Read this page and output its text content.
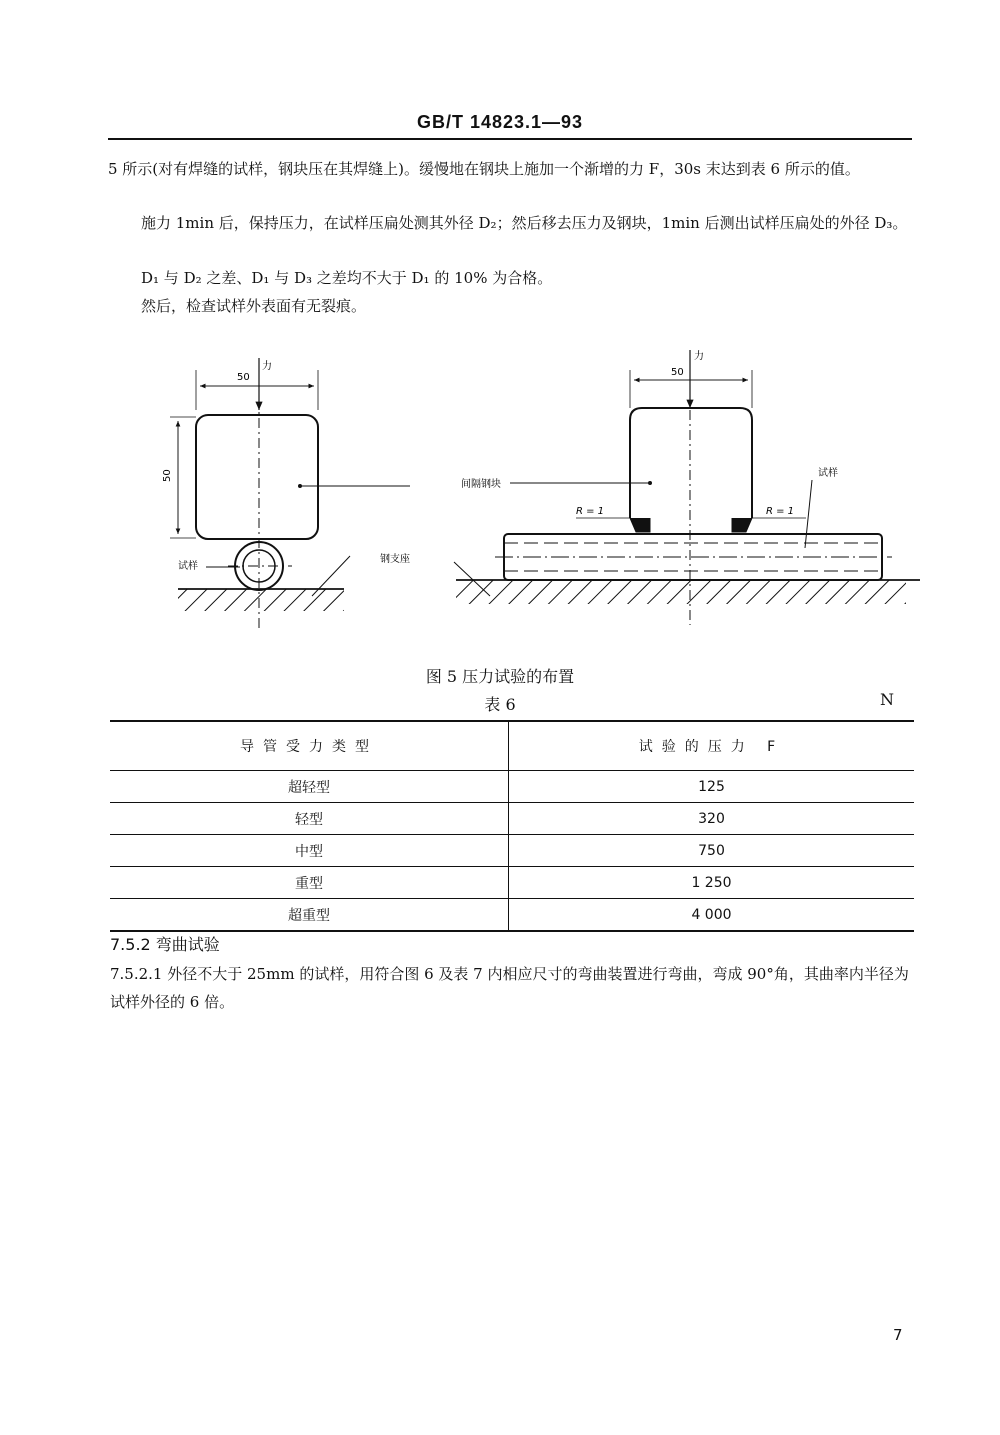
GB/T 14823.1—93
5 所示(对有焊缝的试样，钢块压在其焊缝上)。缓慢地在钢块上施加一个渐增的力 F，30s 末达到表 6 所示的值。
施力 1min 后，保持压力，在试样压扁处测其外径 D₂；然后移去压力及钢块，1min 后测出试样压扁处的外径 D₃。
D₁ 与 D₂ 之差、D₁ 与 D₃ 之差均不大于 D₁ 的 10% 为合格。
然后，检查试样外表面有无裂痕。
力
50
50
试样
钢支座
力
50
间隔钢块
试样
R = 1	R = 1
图 5 压力试验的布置
表 6	N
导管受力类型	试验的压力 F
超轻型	125
轻型	320
中型	750
重型	1 250
超重型	4 000
7.5.2 弯曲试验
7.5.2.1 外径不大于 25mm 的试样，用符合图 6 及表 7 内相应尺寸的弯曲装置进行弯曲，弯成 90°角，其曲率内半径为试样外径的 6 倍。
7
